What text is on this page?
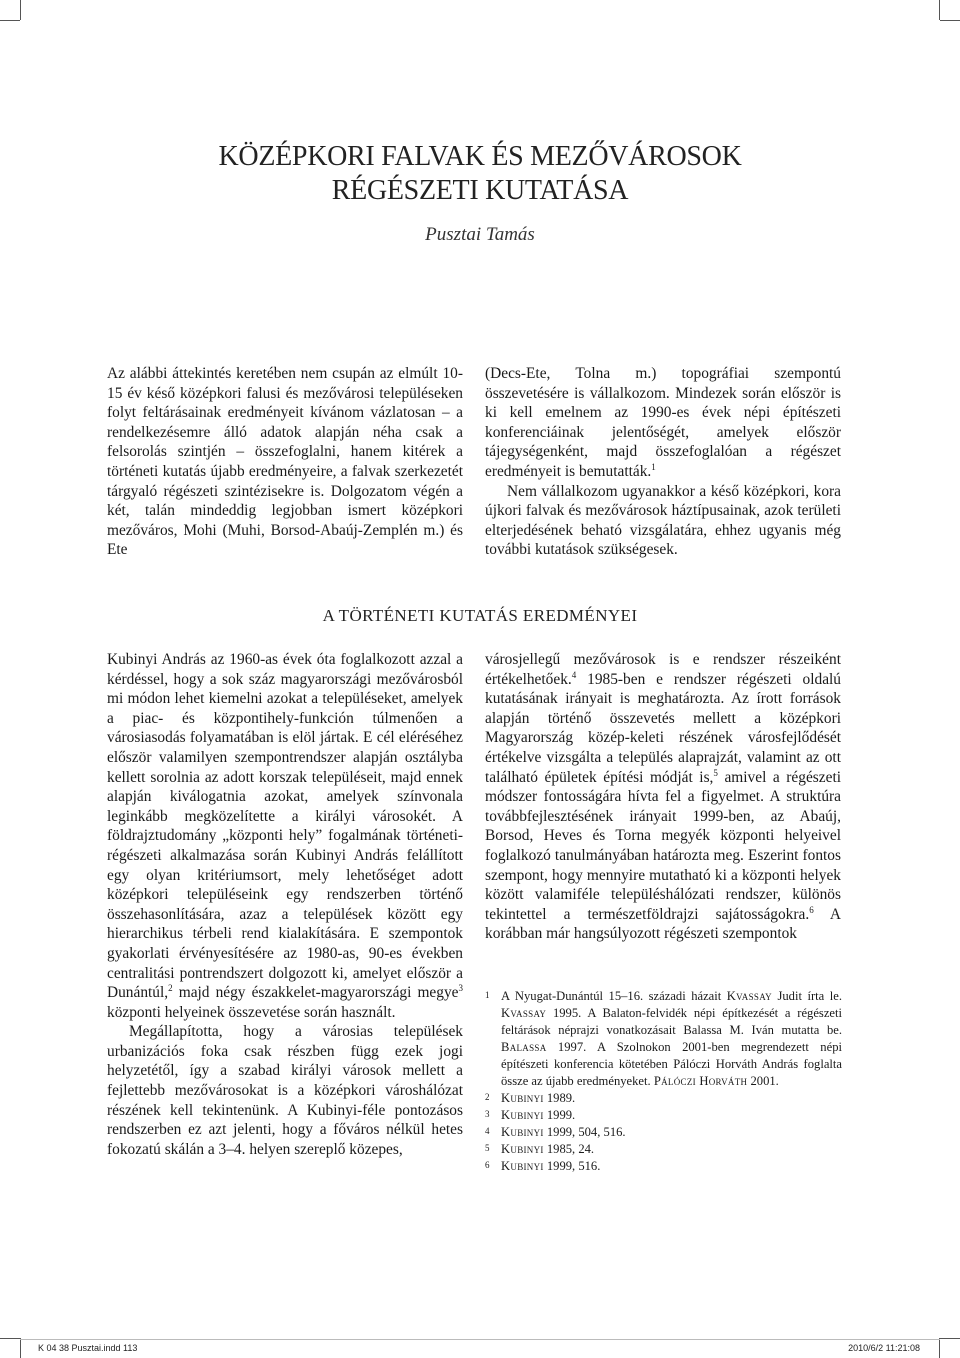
KÖZÉPKORI FALVAK ÉS MEZŐVÁROSOK
RÉGÉSZETI KUTATÁSA
Pusztai Tamás

Az alábbi áttekintés keretében nem csupán az elmúlt 10-15 év késő középkori falusi és mezővárosi településeken folyt feltárásainak eredményeit kívánom vázlatosan – a rendelkezésemre álló adatok alapján néha csak a felsorolás szintjén – összefoglalni, hanem kitérek a történeti kutatás újabb eredményeire, a falvak szerkezetét tárgyaló régészeti szintézisekre is. Dolgozatom végén a két, talán mindeddig legjobban ismert középkori mezőváros, Mohi (Muhi, Borsod-Abaúj-Zemplén m.) és Ete

(Decs-Ete, Tolna m.) topográfiai szempontú összevetésére is vállalkozom. Mindezek során először is ki kell emelnem az 1990-es évek népi építészeti konferenciáinak jelentőségét, amelyek először tájegységenként, majd összefoglalóan a régészet eredményeit is bemutatták.$^1$

Nem vállalkozom ugyanakkor a késő középkori, kora újkori falvak és mezővárosok háztípusainak, azok területi elterjedésének beható vizsgálatára, ehhez ugyanis még további kutatások szükségesek.

A TÖRTÉNETI KUTATÁS EREDMÉNYEI

Kubinyi András az 1960-as évek óta foglalkozott azzal a kérdéssel, hogy a sok száz magyarországi mezővárosból mi módon lehet kiemelni azokat a településeket, amelyek a piac- és központihely-funkción túlmenően a városiasodás folyamatában is elöl jártak. E cél eléréséhez először valamilyen szempontrendszer alapján osztályba kellett sorolnia az adott korszak településeit, majd ennek alapján kiválogatnia azokat, amelyek színvonala leginkább megközelítette a királyi városokét. A földrajztudomány „központi hely” fogalmának történeti-régészeti alkalmazása során Kubinyi András felállított egy olyan kritériumsort, mely lehetőséget adott középkori településeink egy rendszerben történő összehasonlítására, azaz a települések között egy hierarchikus térbeli rend kialakítására. E szempontok gyakorlati érvényesítésére az 1980-as, 90-es években centralitási pontrendszert dolgozott ki, amelyet először a Dunántúl,$^2$ majd négy északkelet-magyarországi megye$^3$ központi helyeinek összevetése során használt.

Megállapította, hogy a városias települések urbanizációs foka csak részben függ ezek jogi helyzetétől, így a szabad királyi városok mellett a fejlettebb mezővárosokat is a középkori városhálózat részének kell tekintenünk. A Kubinyi-féle pontozásos rendszerben ez azt jelenti, hogy a főváros nélkül hetes fokozatú skálán a 3–4. helyen szereplő közepes,

városjellegű mezővárosok is e rendszer részeiként értékelhetőek.$^4$ 1985-ben e rendszer régészeti oldalú kutatásának irányait is meghatározta. Az írott források alapján történő összevetés mellett a középkori Magyarország közép-keleti részének városfejlődését értékelve vizsgálta a település alaprajzát, valamint az ott található épületek építési módját is,$^5$ amivel a régészeti módszer fontosságára hívta fel a figyelmet. A struktúra továbbfejlesztésének irányait 1999-ben, az Abaúj, Borsod, Heves és Torna megyék központi helyeivel foglalkozó tanulmányában határozta meg. Eszerint fontos szempont, hogy mennyire mutatható ki a központi helyek között valamiféle településhálózati rendszer, különös tekintettel a természetföldrajzi sajátosságokra.$^6$ A korábban már hangsúlyozott régészeti szempontok

1 A Nyugat-Dunántúl 15–16. századi házait Kvassay Judit írta le. Kvassay 1995. A Balaton-felvidék népi építkezését a régészeti feltárások néprajzi vonatkozásait Balassa M. Iván mutatta be. Balassa 1997. A Szolnokon 2001-ben megrendezett népi építészeti konferencia kötetében Pálóczi Horváth András foglalta össze az újabb eredményeket. Pálóczi Horváth 2001.
2 Kubinyi 1989.
3 Kubinyi 1999.
4 Kubinyi 1999, 504, 516.
5 Kubinyi 1985, 24.
6 Kubinyi 1999, 516.
K 04 38 Pusztai.indd 113	2010/6/2 11:21:08
